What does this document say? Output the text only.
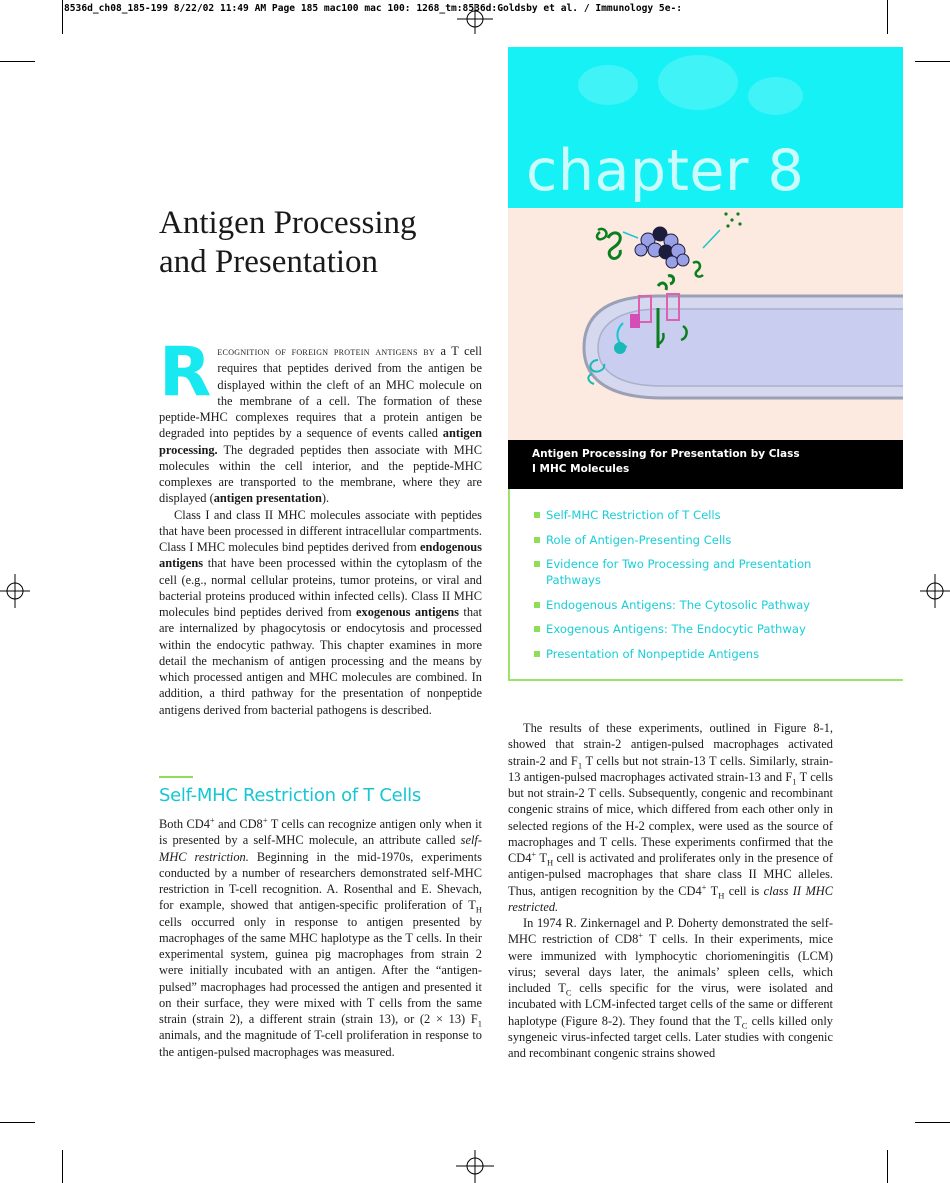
8536d_ch08_185-199 8/22/02 11:49 AM Page 185 mac100 mac 100: 1268_tm:8536d:Goldsby et al. / Immunology 5e-:
chapter 8
Antigen Processing for Presentation by Class I MHC Molecules
Self-MHC Restriction of T Cells
Role of Antigen-Presenting Cells
Evidence for Two Processing and Presentation Pathways
Endogenous Antigens: The Cytosolic Pathway
Exogenous Antigens: The Endocytic Pathway
Presentation of Nonpeptide Antigens
Antigen Processing
and Presentation

Recognition of foreign protein antigens by a T cell requires that peptides derived from the antigen be displayed within the cleft of an MHC molecule on the membrane of a cell. The formation of these peptide-MHC complexes requires that a protein antigen be degraded into peptides by a sequence of events called antigen processing. The degraded peptides then associate with MHC molecules within the cell interior, and the peptide-MHC complexes are transported to the membrane, where they are displayed (antigen presentation).

Class I and class II MHC molecules associate with peptides that have been processed in different intracellular compartments. Class I MHC molecules bind peptides derived from endogenous antigens that have been processed within the cytoplasm of the cell (e.g., normal cellular proteins, tumor proteins, or viral and bacterial proteins produced within infected cells). Class II MHC molecules bind peptides derived from exogenous antigens that are internalized by phagocytosis or endocytosis and processed within the endocytic pathway. This chapter examines in more detail the mechanism of antigen processing and the means by which processed antigen and MHC molecules are combined. In addition, a third pathway for the presentation of nonpeptide antigens derived from bacterial pathogens is described.

Self-MHC Restriction of T Cells

Both CD4+ and CD8+ T cells can recognize antigen only when it is presented by a self-MHC molecule, an attribute called self-MHC restriction. Beginning in the mid-1970s, experiments conducted by a number of researchers demonstrated self-MHC restriction in T-cell recognition. A. Rosenthal and E. Shevach, for example, showed that antigen-specific proliferation of $T_H$ cells occurred only in response to antigen presented by macrophages of the same MHC haplotype as the T cells. In their experimental system, guinea pig macrophages from strain 2 were initially incubated with an antigen. After the “antigen-pulsed” macrophages had processed the antigen and presented it on their surface, they were mixed with T cells from the same strain (strain 2), a different strain (strain 13), or (2 × 13) $F_1$ animals, and the magnitude of T-cell proliferation in response to the antigen-pulsed macrophages was measured.

The results of these experiments, outlined in Figure 8-1, showed that strain-2 antigen-pulsed macrophages activated strain-2 and $F_1$ T cells but not strain-13 T cells. Similarly, strain-13 antigen-pulsed macrophages activated strain-13 and $F_1$ T cells but not strain-2 T cells. Subsequently, congenic and recombinant congenic strains of mice, which differed from each other only in selected regions of the H-2 complex, were used as the source of macrophages and T cells. These experiments confirmed that the CD4+ $T_H$ cell is activated and proliferates only in the presence of antigen-pulsed macrophages that share class II MHC alleles. Thus, antigen recognition by the CD4+ $T_H$ cell is class II MHC restricted.

In 1974 R. Zinkernagel and P. Doherty demonstrated the self-MHC restriction of CD8+ T cells. In their experiments, mice were immunized with lymphocytic choriomeningitis (LCM) virus; several days later, the animals’ spleen cells, which included $T_C$ cells specific for the virus, were isolated and incubated with LCM-infected target cells of the same or different haplotype (Figure 8-2). They found that the $T_C$ cells killed only syngeneic virus-infected target cells. Later studies with congenic and recombinant congenic strains showed
